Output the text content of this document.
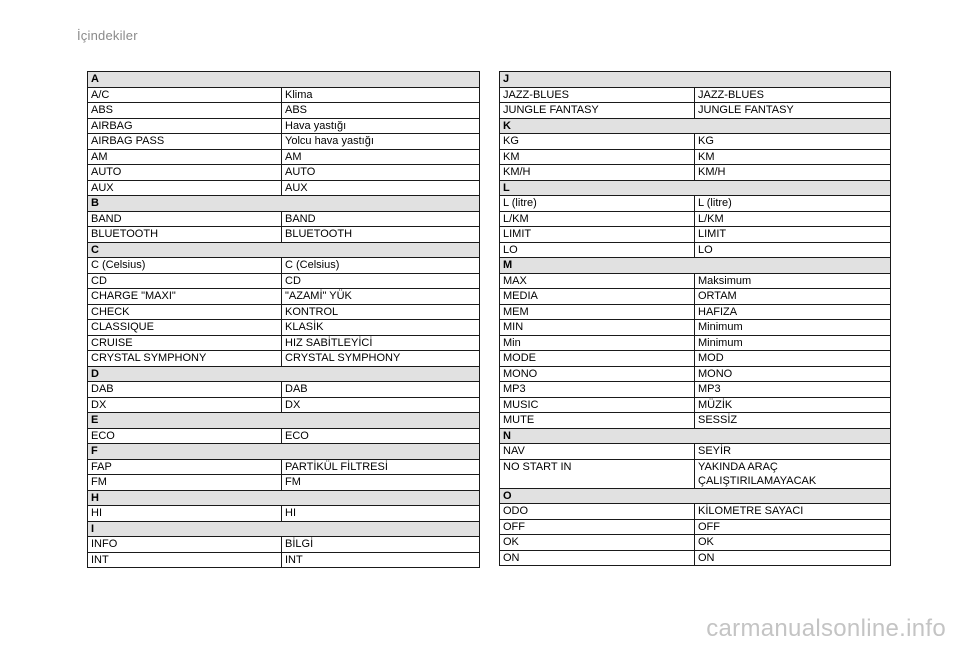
İçindekiler
A	
A/C	Klima
ABS	ABS
AIRBAG	Hava yastığı
AIRBAG PASS	Yolcu hava yastığı
AM	AM
AUTO	AUTO
AUX	AUX
B	
BAND	BAND
BLUETOOTH	BLUETOOTH
C	
C (Celsius)	C (Celsius)
CD	CD
CHARGE "MAXI"	"AZAMİ" YÜK
CHECK	KONTROL
CLASSIQUE	KLASİK
CRUISE	HIZ SABİTLEYİCİ
CRYSTAL SYMPHONY	CRYSTAL SYMPHONY
D	
DAB	DAB
DX	DX
E	
ECO	ECO
F	
FAP	PARTİKÜL FİLTRESİ
FM	FM
H	
HI	HI
I	
INFO	BİLGİ
INT	INT
J	
JAZZ-BLUES	JAZZ-BLUES
JUNGLE FANTASY	JUNGLE FANTASY
K	
KG	KG
KM	KM
KM/H	KM/H
L	
L (litre)	L (litre)
L/KM	L/KM
LIMIT	LIMIT
LO	LO
M	
MAX	Maksimum
MEDIA	ORTAM
MEM	HAFIZA
MIN	Minimum
Min	Minimum
MODE	MOD
MONO	MONO
MP3	MP3
MUSIC	MÜZİK
MUTE	SESSİZ
N	
NAV	SEYİR
NO START IN	YAKINDA ARAÇ ÇALIŞTIRILAMAYACAK
O	
ODO	KİLOMETRE SAYACI
OFF	OFF
OK	OK
ON	ON
carmanualsonline.info
